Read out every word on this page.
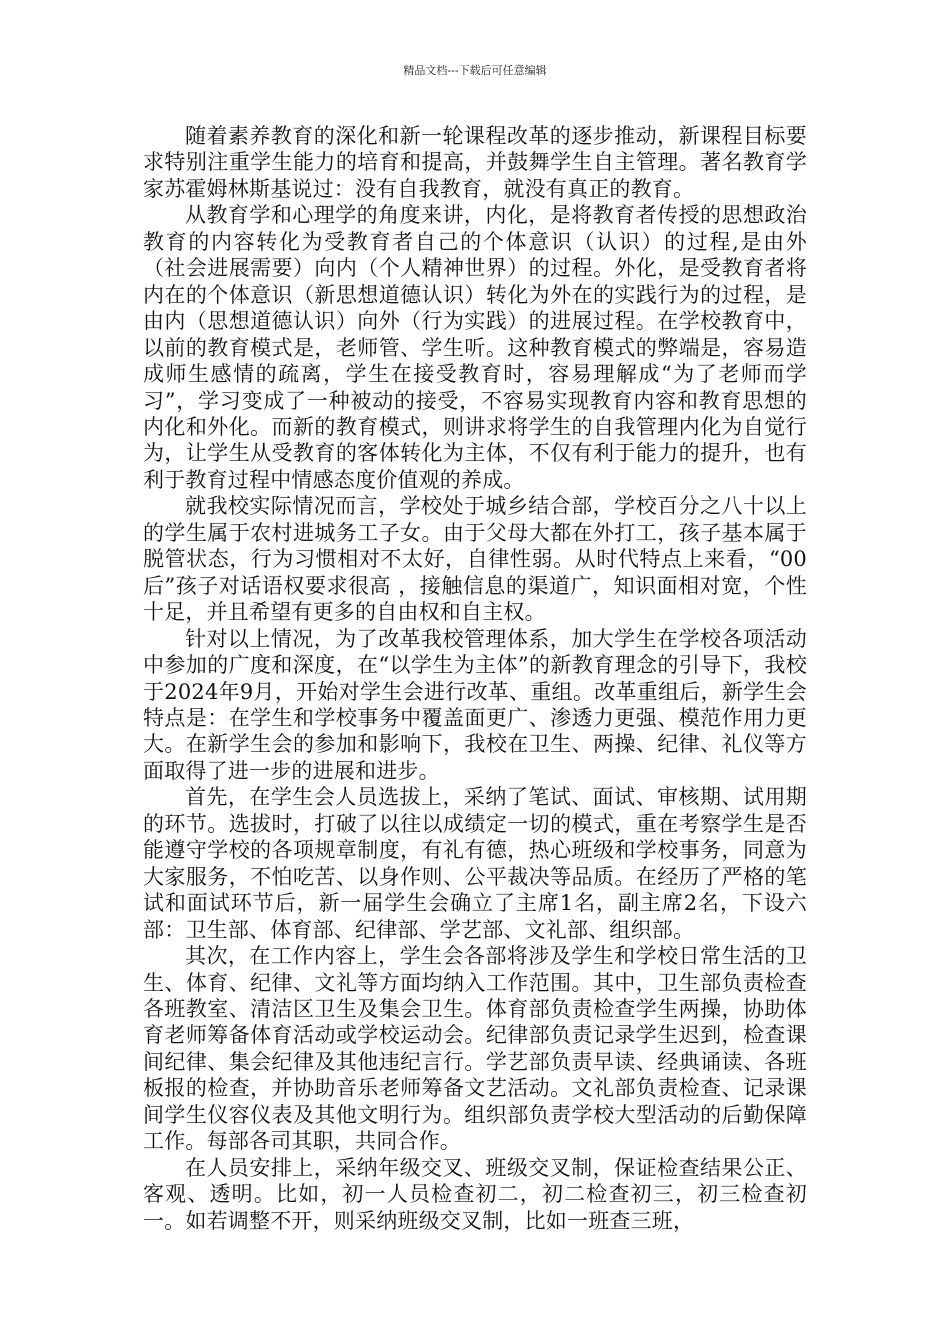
精品文档---下载后可任意编辑

随着素养教育的深化和新一轮课程改革的逐步推动，新课程目标要求特别注重学生能力的培育和提高，并鼓舞学生自主管理。著名教育学家苏霍姆林斯基说过：没有自我教育，就没有真正的教育。

从教育学和心理学的角度来讲，内化，是将教育者传授的思想政治教育的内容转化为受教育者自己的个体意识（认识）的过程,是由外（社会进展需要）向内（个人精神世界）的过程。外化，是受教育者将内在的个体意识（新思想道德认识）转化为外在的实践行为的过程，是由内（思想道德认识）向外（行为实践）的进展过程。在学校教育中，以前的教育模式是，老师管、学生听。这种教育模式的弊端是，容易造成师生感情的疏离，学生在接受教育时，容易理解成“为了老师而学习”，学习变成了一种被动的接受，不容易实现教育内容和教育思想的内化和外化。而新的教育模式，则讲求将学生的自我管理内化为自觉行为，让学生从受教育的客体转化为主体，不仅有利于能力的提升，也有利于教育过程中情感态度价值观的养成。

就我校实际情况而言，学校处于城乡结合部，学校百分之八十以上的学生属于农村进城务工子女。由于父母大都在外打工，孩子基本属于脱管状态，行为习惯相对不太好，自律性弱。从时代特点上来看，“00后”孩子对话语权要求很高 ，接触信息的渠道广，知识面相对宽，个性十足，并且希望有更多的自由权和自主权。

针对以上情况，为了改革我校管理体系，加大学生在学校各项活动中参加的广度和深度，在“以学生为主体”的新教育理念的引导下，我校于2024年9月，开始对学生会进行改革、重组。改革重组后，新学生会特点是：在学生和学校事务中覆盖面更广、渗透力更强、模范作用力更大。在新学生会的参加和影响下，我校在卫生、两操、纪律、礼仪等方面取得了进一步的进展和进步。

首先，在学生会人员选拔上，采纳了笔试、面试、审核期、试用期的环节。选拔时，打破了以往以成绩定一切的模式，重在考察学生是否能遵守学校的各项规章制度，有礼有德，热心班级和学校事务，同意为大家服务，不怕吃苦、以身作则、公平裁决等品质。在经历了严格的笔试和面试环节后，新一届学生会确立了主席1名，副主席2名，下设六部：卫生部、体育部、纪律部、学艺部、文礼部、组织部。

其次，在工作内容上，学生会各部将涉及学生和学校日常生活的卫生、体育、纪律、文礼等方面均纳入工作范围。其中，卫生部负责检查各班教室、清洁区卫生及集会卫生。体育部负责检查学生两操，协助体育老师筹备体育活动或学校运动会。纪律部负责记录学生迟到，检查课间纪律、集会纪律及其他违纪言行。学艺部负责早读、经典诵读、各班板报的检查，并协助音乐老师筹备文艺活动。文礼部负责检查、记录课间学生仪容仪表及其他文明行为。组织部负责学校大型活动的后勤保障工作。每部各司其职，共同合作。

在人员安排上，采纳年级交叉、班级交叉制，保证检查结果公正、客观、透明。比如，初一人员检查初二，初二检查初三，初三检查初一。如若调整不开，则采纳班级交叉制，比如一班查三班，
